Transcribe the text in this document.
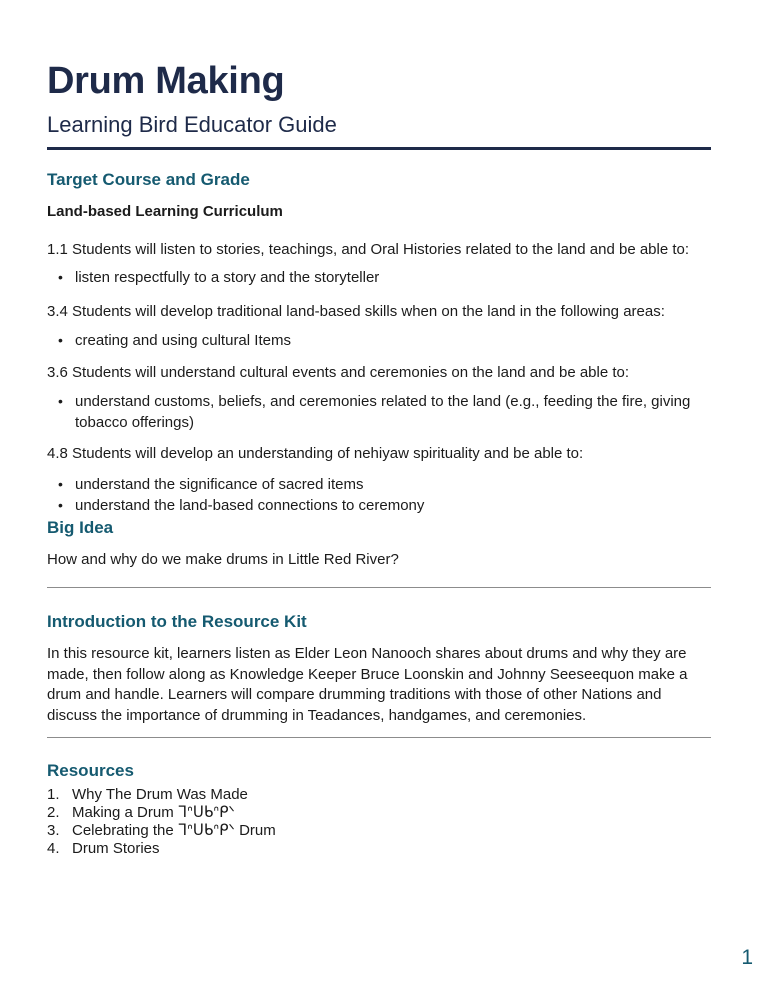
Drum Making
Learning Bird Educator Guide
Target Course and Grade
Land-based Learning Curriculum

1.1 Students will listen to stories, teachings, and Oral Histories related to the land and be able to:

• listen respectfully to a story and the storyteller

3.4 Students will develop traditional land-based skills when on the land in the following areas:

• creating and using cultural Items

3.6 Students will understand cultural events and ceremonies on the land and be able to:

• understand customs, beliefs, and ceremonies related to the land (e.g., feeding the fire, giving tobacco offerings)

4.8 Students will develop an understanding of nehiyaw spirituality and be able to:

• understand the significance of sacred items
• understand the land-based connections to ceremony
Big Idea

How and why do we make drums in Little Red River?

Introduction to the Resource Kit

In this resource kit, learners listen as Elder Leon Nanooch shares about drums and why they are made, then follow along as Knowledge Keeper Bruce Loonskin and Johnny Seeseequon make a drum and handle. Learners will compare drumming traditions with those of other Nations and discuss the importance of drumming in Teadances, handgames, and ceremonies.

Resources
Why The Drum Was Made
Making a Drum ᒣᐢᑌᑲᐢᑭᐠ
Celebrating the ᒣᐢᑌᑲᐢᑭᐠ Drum
Drum Stories
1
